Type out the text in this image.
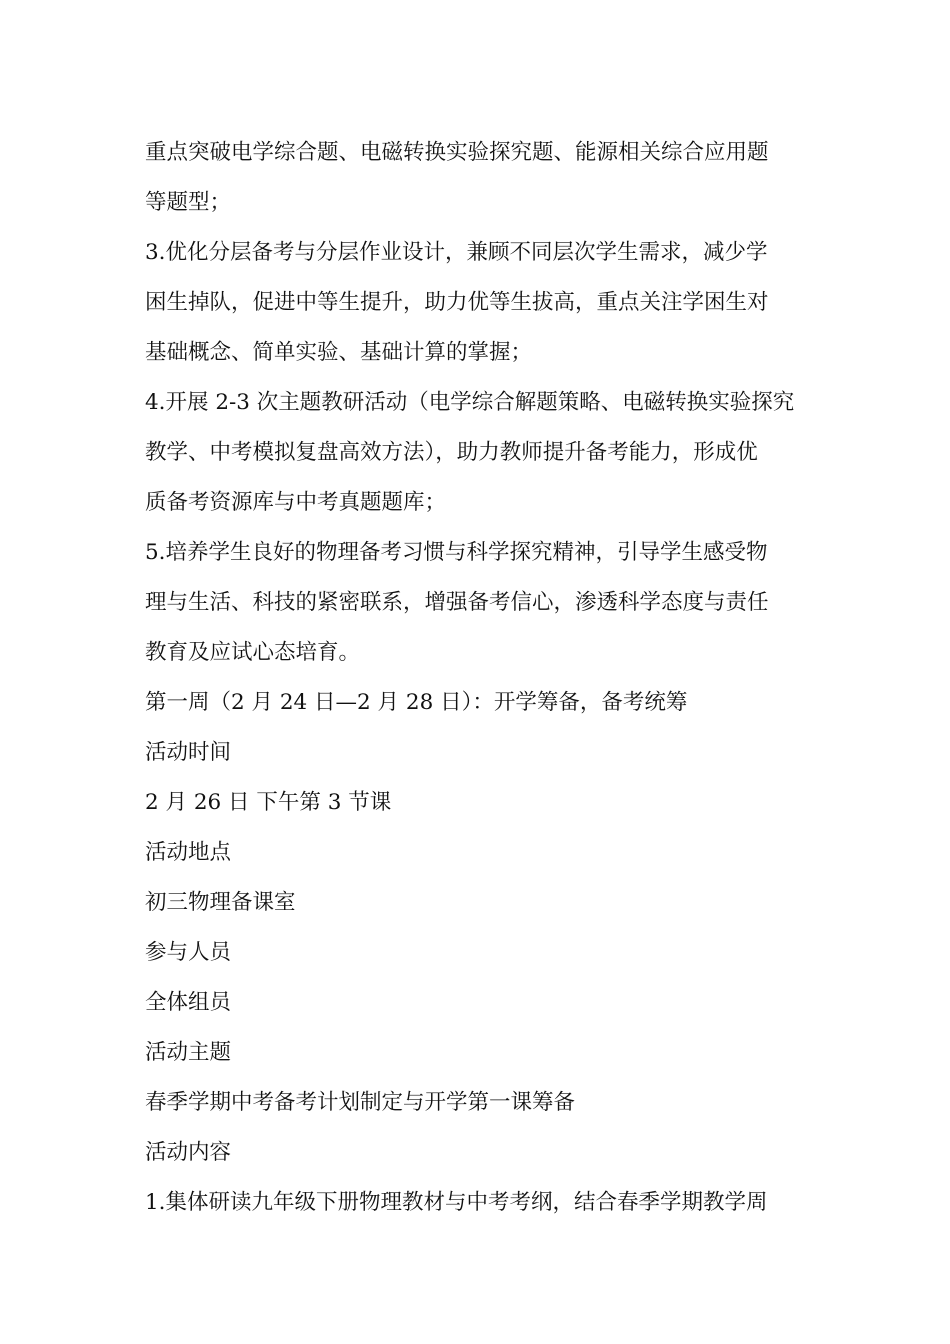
重点突破电学综合题、电磁转换实验探究题、能源相关综合应用题
等题型；
3.优化分层备考与分层作业设计，兼顾不同层次学生需求，减少学
困生掉队，促进中等生提升，助力优等生拔高，重点关注学困生对
基础概念、简单实验、基础计算的掌握；
4.开展 2-3 次主题教研活动（电学综合解题策略、电磁转换实验探究
教学、中考模拟复盘高效方法），助力教师提升备考能力，形成优
质备考资源库与中考真题题库；
5.培养学生良好的物理备考习惯与科学探究精神，引导学生感受物
理与生活、科技的紧密联系，增强备考信心，渗透科学态度与责任
教育及应试心态培育。
第一周（2 月 24 日—2 月 28 日）：开学筹备，备考统筹
活动时间
2 月 26 日 下午第 3 节课
活动地点
初三物理备课室
参与人员
全体组员
活动主题
春季学期中考备考计划制定与开学第一课筹备
活动内容
1.集体研读九年级下册物理教材与中考考纲，结合春季学期教学周
